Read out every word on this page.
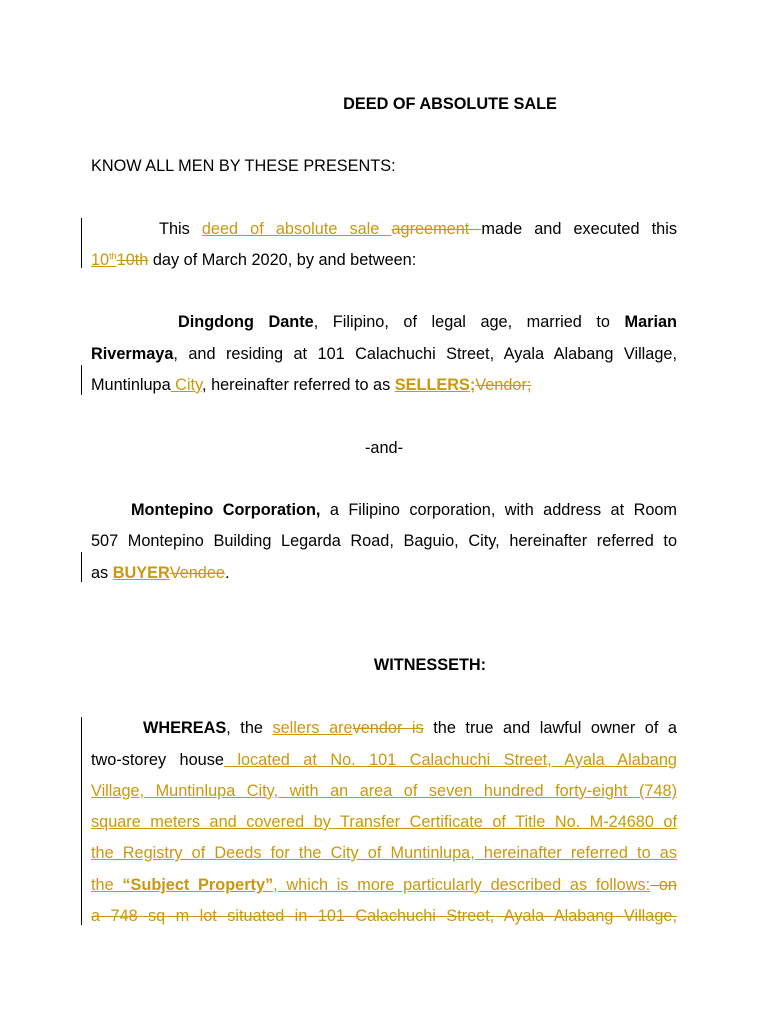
DEED OF ABSOLUTE SALE
KNOW ALL MEN BY THESE PRESENTS:
This deed of absolute sale agreement made and executed this
10th10th day of March 2020, by and between:
Dingdong Dante, Filipino, of legal age, married to Marian
Rivermaya, and residing at 101 Calachuchi Street, Ayala Alabang Village,
Muntinlupa City, hereinafter referred to as SELLERS;Vendor;
-and-
Montepino Corporation, a Filipino corporation, with address at Room
507 Montepino Building Legarda Road, Baguio, City, hereinafter referred to
as BUYERVendee.
WITNESSETH:
WHEREAS, the sellers arevendor is the true and lawful owner of a
two-storey house located at No. 101 Calachuchi Street, Ayala Alabang
Village, Muntinlupa City, with an area of seven hundred forty-eight (748)
square meters and covered by Transfer Certificate of Title No. M-24680 of
the Registry of Deeds for the City of Muntinlupa, hereinafter referred to as
the “Subject Property”, which is more particularly described as follows: on
a 748 sq m lot situated in 101 Calachuchi Street, Ayala Alabang Village,
